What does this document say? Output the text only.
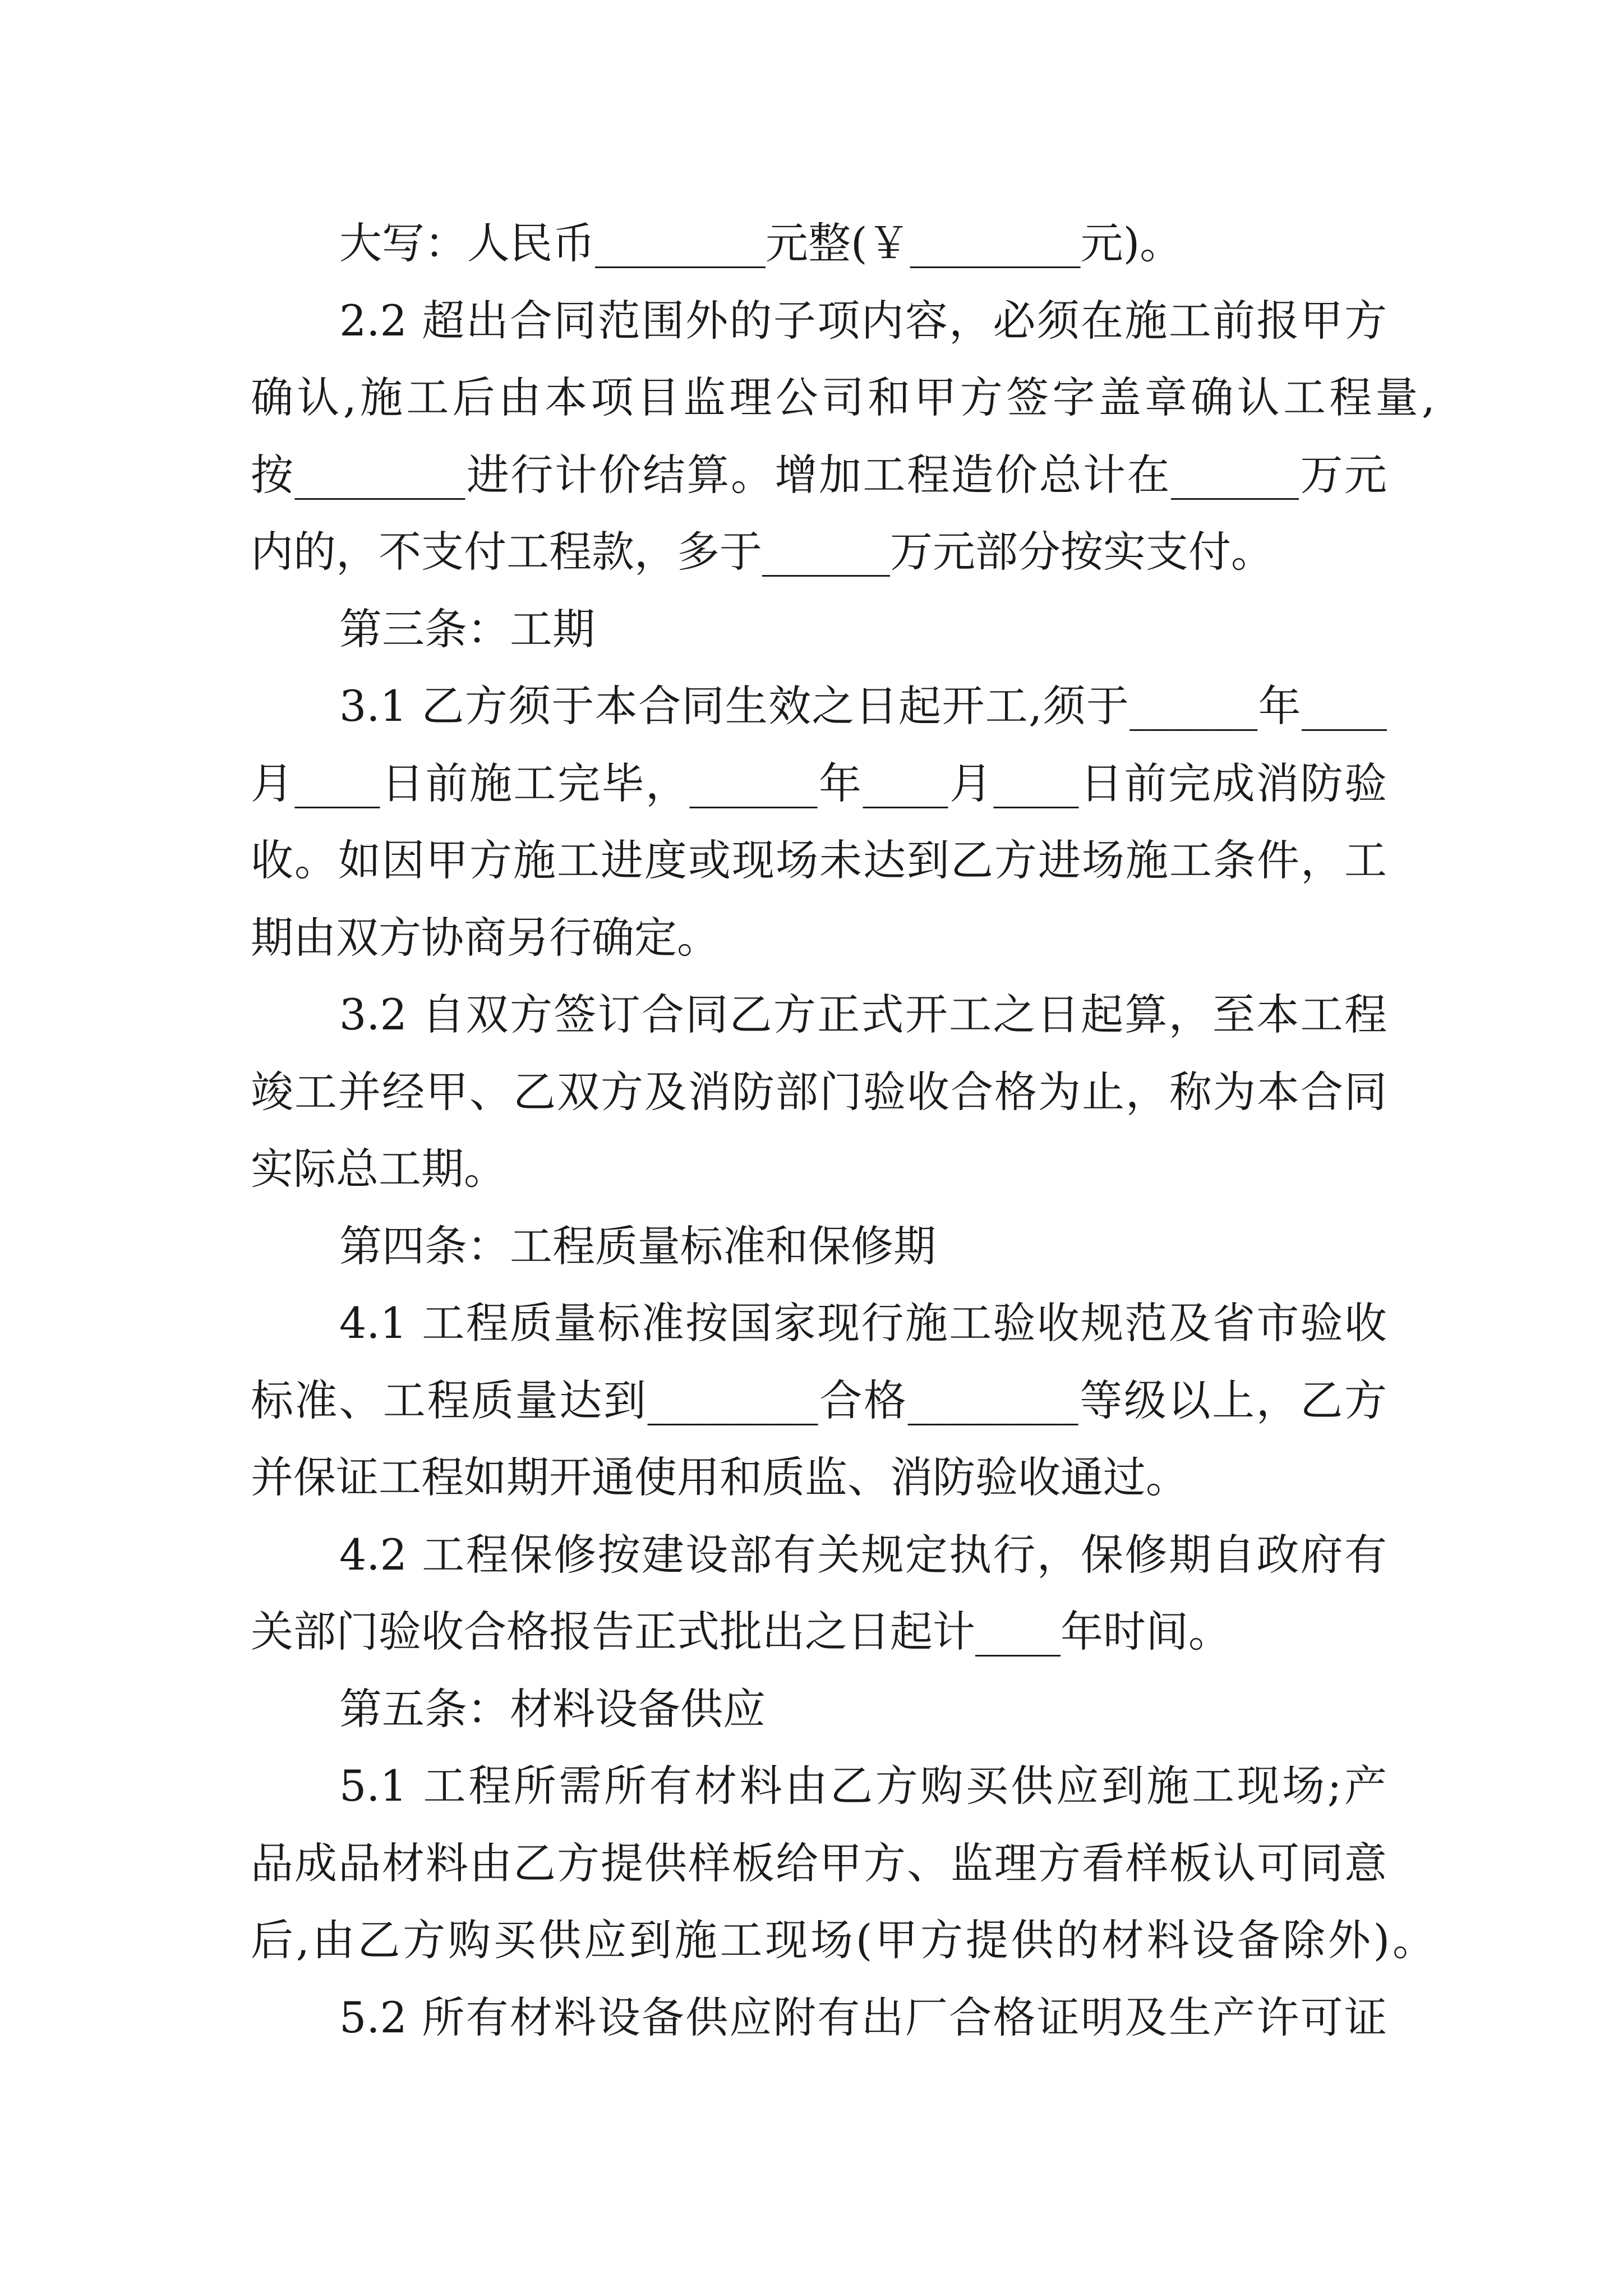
大写：人民币________元整(￥________元)。
2.2 超出合同范围外的子项内容，必须在施工前报甲方
确认,施工后由本项目监理公司和甲方签字盖章确认工程量,
按________进行计价结算。增加工程造价总计在______万元
内的，不支付工程款，多于______万元部分按实支付。
第三条：工期
3.1 乙方须于本合同生效之日起开工,须于______年____
月____日前施工完毕，______年____月____日前完成消防验
收。如因甲方施工进度或现场未达到乙方进场施工条件，工
期由双方协商另行确定。
3.2 自双方签订合同乙方正式开工之日起算，至本工程
竣工并经甲、乙双方及消防部门验收合格为止，称为本合同
实际总工期。
第四条：工程质量标准和保修期
4.1 工程质量标准按国家现行施工验收规范及省市验收
标准、工程质量达到________合格________等级以上，乙方
并保证工程如期开通使用和质监、消防验收通过。
4.2 工程保修按建设部有关规定执行，保修期自政府有
关部门验收合格报告正式批出之日起计____年时间。
第五条：材料设备供应
5.1 工程所需所有材料由乙方购买供应到施工现场;产
品成品材料由乙方提供样板给甲方、监理方看样板认可同意
后,由乙方购买供应到施工现场(甲方提供的材料设备除外)。
5.2 所有材料设备供应附有出厂合格证明及生产许可证
